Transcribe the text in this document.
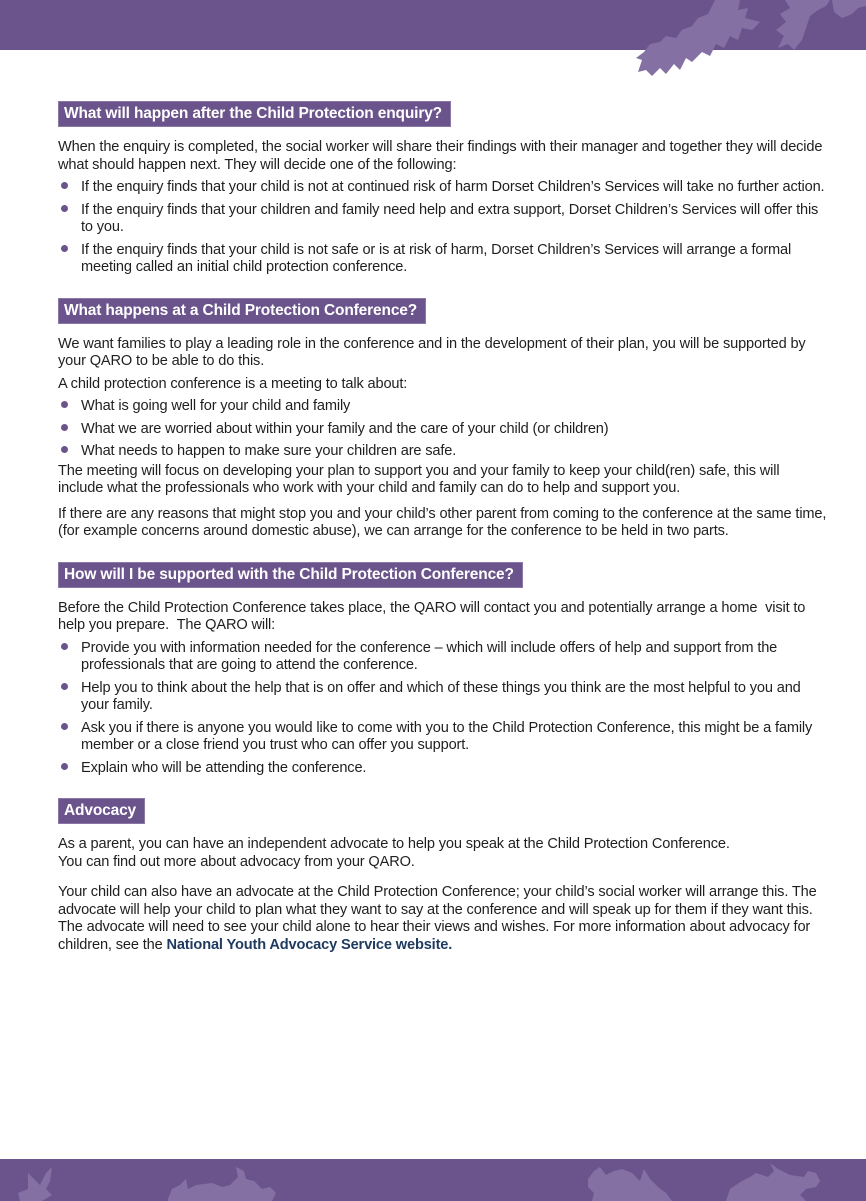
What will happen after the Child Protection enquiry?

When the enquiry is completed, the social worker will share their findings with their manager and together they will decide what should happen next. They will decide one of the following:

If the enquiry finds that your child is not at continued risk of harm Dorset Children’s Services will take no further action.
If the enquiry finds that your children and family need help and extra support, Dorset Children’s Services will offer this to you.
If the enquiry finds that your child is not safe or is at risk of harm, Dorset Children’s Services will arrange a formal meeting called an initial child protection conference.
What happens at a Child Protection Conference?

We want families to play a leading role in the conference and in the development of their plan, you will be supported by your QARO to be able to do this.

A child protection conference is a meeting to talk about:

What is going well for your child and family
What we are worried about within your family and the care of your child (or children)
What needs to happen to make sure your children are safe.

The meeting will focus on developing your plan to support you and your family to keep your child(ren) safe, this will include what the professionals who work with your child and family can do to help and support you.

If there are any reasons that might stop you and your child’s other parent from coming to the conference at the same time, (for example concerns around domestic abuse), we can arrange for the conference to be held in two parts.

How will I be supported with the Child Protection Conference?

Before the Child Protection Conference takes place, the QARO will contact you and potentially arrange a home  visit to help you prepare.  The QARO will:

Provide you with information needed for the conference – which will include offers of help and support from the professionals that are going to attend the conference.
Help you to think about the help that is on offer and which of these things you think are the most helpful to you and your family.
Ask you if there is anyone you would like to come with you to the Child Protection Conference, this might be a family member or a close friend you trust who can offer you support.
Explain who will be attending the conference.
Advocacy

As a parent, you can have an independent advocate to help you speak at the Child Protection Conference.
You can find out more about advocacy from your QARO.

Your child can also have an advocate at the Child Protection Conference; your child’s social worker will arrange this. The advocate will help your child to plan what they want to say at the conference and will speak up for them if they want this. The advocate will need to see your child alone to hear their views and wishes. For more information about advocacy for children, see the National Youth Advocacy Service website.
